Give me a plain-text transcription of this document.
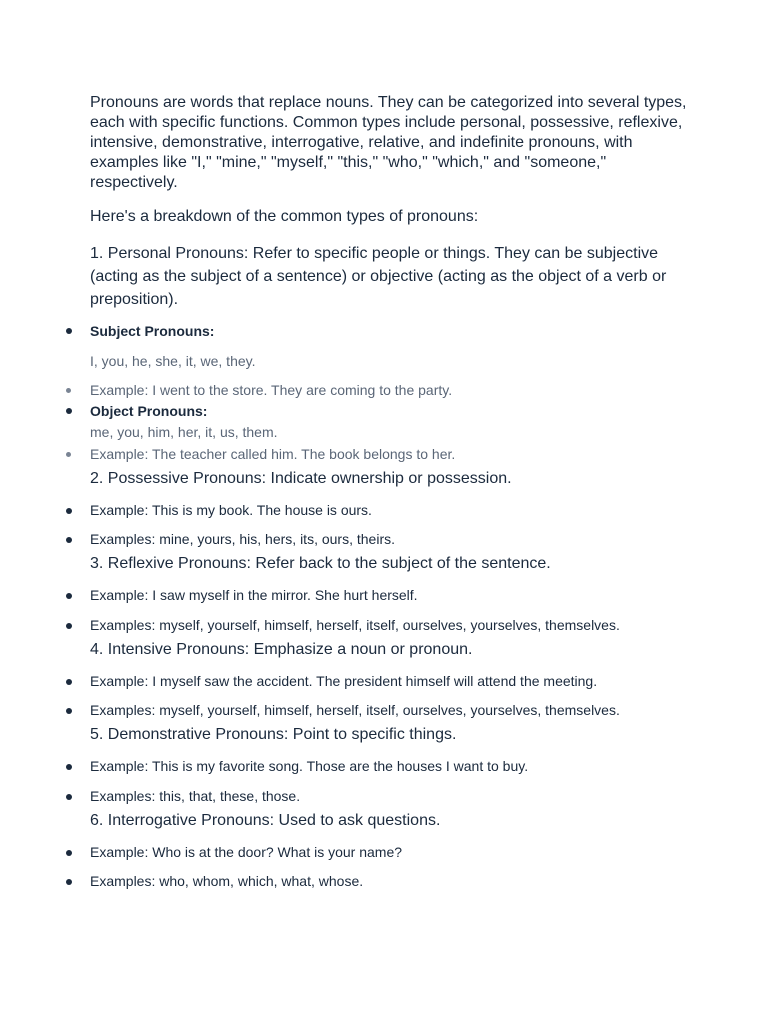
Pronouns are words that replace nouns. They can be categorized into several types, each with specific functions. Common types include personal, possessive, reflexive, intensive, demonstrative, interrogative, relative, and indefinite pronouns, with examples like "I," "mine," "myself," "this," "who," "which," and "someone," respectively.

Here's a breakdown of the common types of pronouns:

1. Personal Pronouns: Refer to specific people or things. They can be subjective (acting as the subject of a sentence) or objective (acting as the object of a verb or preposition).

Subject Pronouns:
I, you, he, she, it, we, they.
Example: I went to the store. They are coming to the party.
Object Pronouns:
me, you, him, her, it, us, them.
Example: The teacher called him. The book belongs to her.
2. Possessive Pronouns: Indicate ownership or possession.
Example: This is my book. The house is ours.
Examples: mine, yours, his, hers, its, ours, theirs.
3. Reflexive Pronouns: Refer back to the subject of the sentence.
Example: I saw myself in the mirror. She hurt herself.
Examples: myself, yourself, himself, herself, itself, ourselves, yourselves, themselves.
4. Intensive Pronouns: Emphasize a noun or pronoun.
Example: I myself saw the accident. The president himself will attend the meeting.
Examples: myself, yourself, himself, herself, itself, ourselves, yourselves, themselves.
5. Demonstrative Pronouns: Point to specific things.
Example: This is my favorite song. Those are the houses I want to buy.
Examples: this, that, these, those.
6. Interrogative Pronouns: Used to ask questions.
Example: Who is at the door? What is your name?
Examples: who, whom, which, what, whose.
